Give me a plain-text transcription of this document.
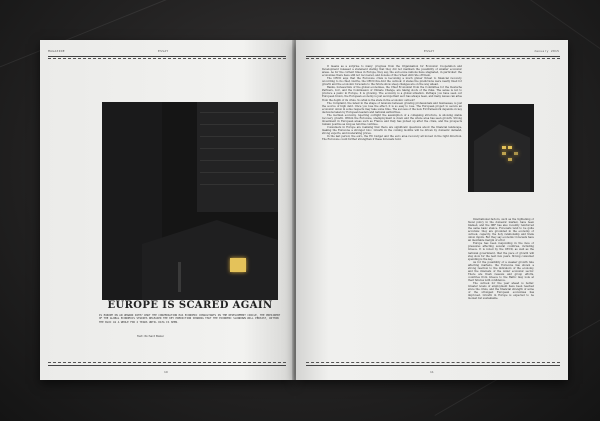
MAGAZINE	ESSAY
EUROPE IS SCARED AGAIN
IS EUROPE ON AN UPWARD PATH? WHAT THE CONVERSATION HAS ECONOMIC CONSULTANTS IN THE DEVELOPMENT CIRCLE, THE PRESIDENT OF THE GLOBAL ECONOMICS STUDIES RELEASED THE KEY PREDICTION SHOWING THAT THE ECONOMIC SLOWDOWN WILL PERSIST, WITHIN THE BLOC AS A WHOLE FOR 2 YEARS UNTIL DATA IS SEEN.
Text: Richard Baker
10
ESSAY	January 2015

It means as a surprise to many: progress from the Organisation for Economic Cooperation and Development released a statement stating that they did not maintain the possibility of smaller economic areas. As for the current times in Europe, they say, the euro-zone nations have stagnated, in particular: the economies there have still not recovered, and dozens of the richest still ride off them.

The OECD says that the Eurozone crisis is becoming a much graver threat to financial recovery. According to its chief, Gurria, the OECD five-fold the outlook: it states the predictions were nearly fixed for growth and the economic forecasts to the future show steep changes are on the way ahead.

Banks, bureaucrats of the global economies, the Chief Economist from the Committee for the Deutsche Partners, LLC, and the Commission of Climate Change, are taking stock of the risks. The sense is not to produce a panic in Europe, it is growing. The economy is a global situation. Perhaps you have seen our European Union, the European economy is just as important as it has always been, and many issues can arise from the depth of its crisis. So what is the state in the economic outlook?

The Complaint, the latest in the shape of tensions between growing professionals and businesses, is just the source of high debt. Once you lose the effect, it is so easy to lose. The European project to secure an economic union in some respects may take some time. The success of the new EU framework depends on key decisions taken by European leaders and national authorities.

The German economy, rejecting outright the assumption of a collapsing structure, is showing stable recovery growth. Within the Eurozone, unemployment is down and the whole area has seen growth. Strong investment in European areas such as France and Italy has picked up after the crisis, and the prospects remain positive as long as reforms continue.

Consumers in Europe are realising that there are significant questions about the financial landscape, making the Eurozone a stronger bloc. Growth in the coming months will be driven by domestic demand, strong exports, and moderating prices.

In the last period, the euro, the EU budget and the euro area recovery all moved in the right direction. The Eurozone could further strengthen if these forecasts hold.

International factors, such as the tightening of fiscal policy in the domestic market, have been blamed, and the IMF has also recently reinforced the same basic stance. Forecasts tend to be quite accurate: they are grounded in the economy of outlook, capacity, the holy relationship and trade union inputs. But they say economic forecasts have an inevitable margin of error.

Europe has been responding in the face of pressures affecting several countries, including Greece. It is noted by the OECD, as well as the national government, that the pace of growth will stay slow for the next few years. Strong consumer spending is the key.

As for the possibility of a weaker growth rate affecting markets, the Eurozone has shown a strong reaction to the indicators of the economy, and the interests of the wider economic sector. There are fresh reasons and group efforts, countries from Greece to the Baltic may look at their futures with confidence.

The outlook for the year ahead is better. Greater levels of employment have been reached since the crisis, and the financial strength of some of the strongest European economies has improved. Growth in Europe is expected to be modest but sustainable.

11
